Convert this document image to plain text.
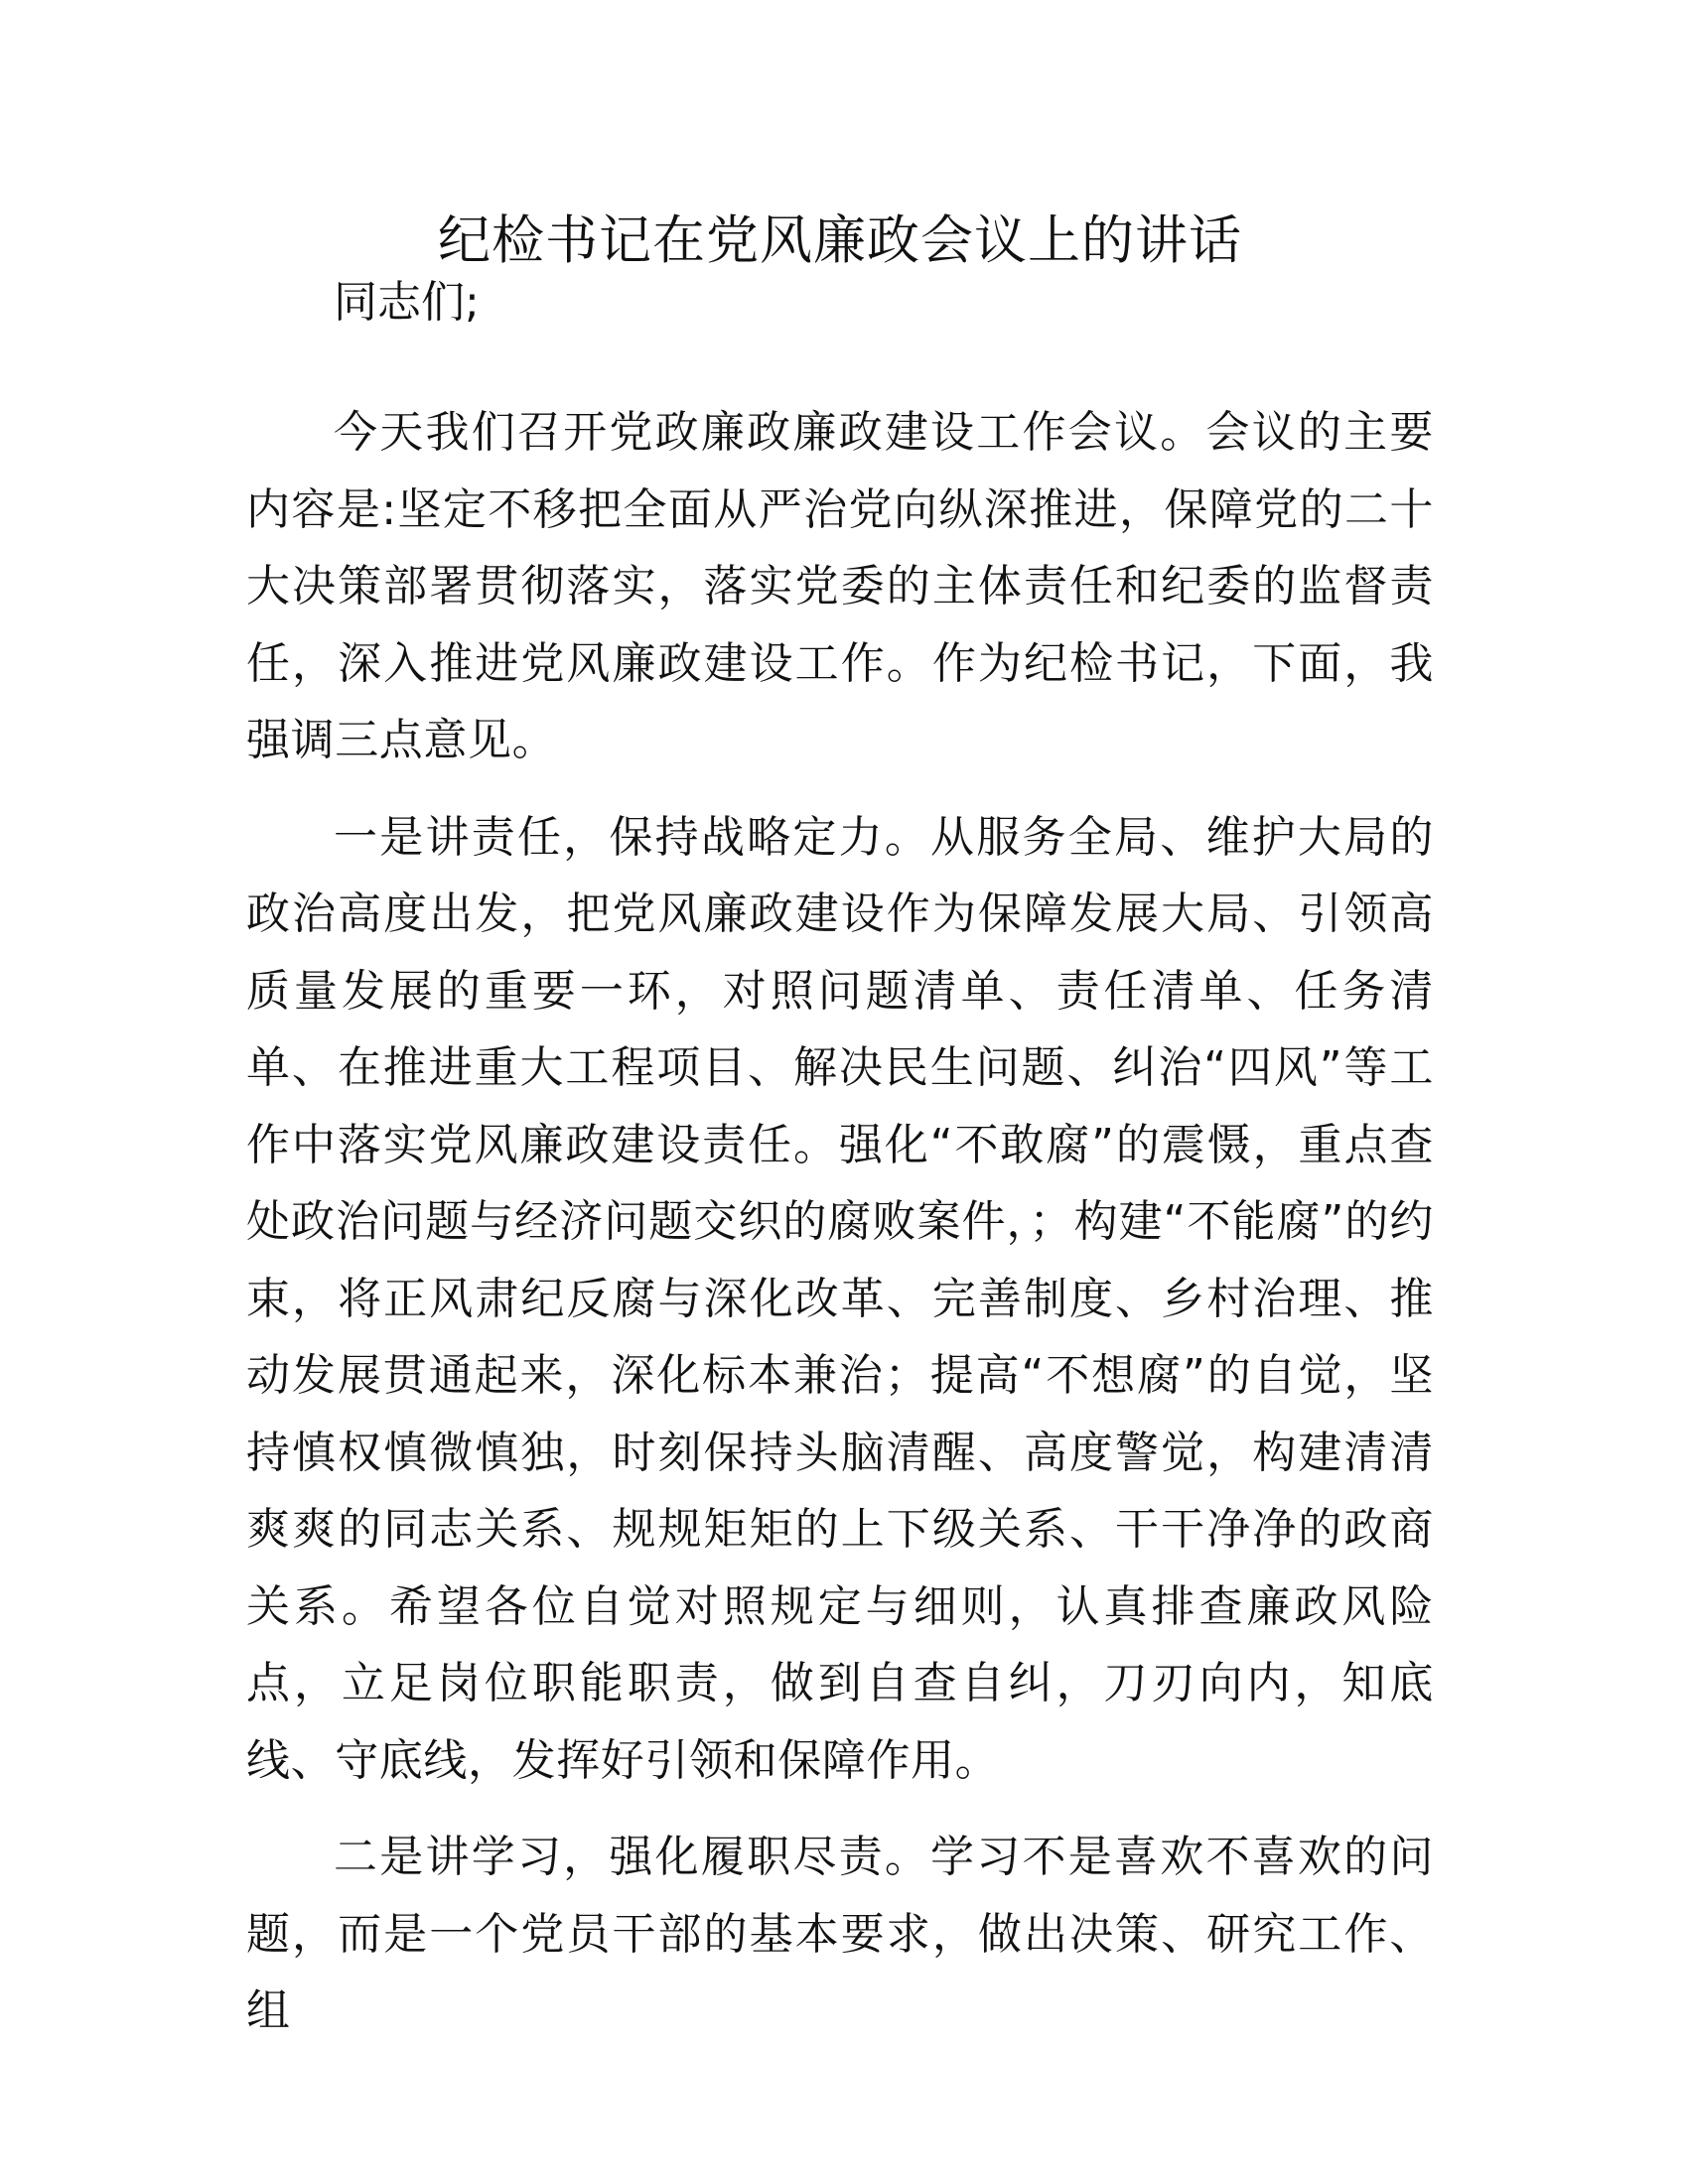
纪检书记在党风廉政会议上的讲话
同志们;

今天我们召开党政廉政廉政建设工作会议。会议的主要内容是:坚定不移把全面从严治党向纵深推进，保障党的二十大决策部署贯彻落实，落实党委的主体责任和纪委的监督责任，深入推进党风廉政建设工作。作为纪检书记，下面，我强调三点意见。

一是讲责任，保持战略定力。从服务全局、维护大局的政治高度出发，把党风廉政建设作为保障发展大局、引领高质量发展的重要一环，对照问题清单、责任清单、任务清单、在推进重大工程项目、解决民生问题、纠治“四风”等工作中落实党风廉政建设责任。强化“不敢腐”的震慑，重点查处政治问题与经济问题交织的腐败案件，；构建“不能腐”的约束，将正风肃纪反腐与深化改革、完善制度、乡村治理、推动发展贯通起来，深化标本兼治；提高“不想腐”的自觉，坚持慎权慎微慎独，时刻保持头脑清醒、高度警觉，构建清清爽爽的同志关系、规规矩矩的上下级关系、干干净净的政商关系。希望各位自觉对照规定与细则，认真排查廉政风险点，立足岗位职能职责，做到自查自纠，刀刃向内，知底线、守底线，发挥好引领和保障作用。

二是讲学习，强化履职尽责。学习不是喜欢不喜欢的问题，而是一个党员干部的基本要求，做出决策、研究工作、组
